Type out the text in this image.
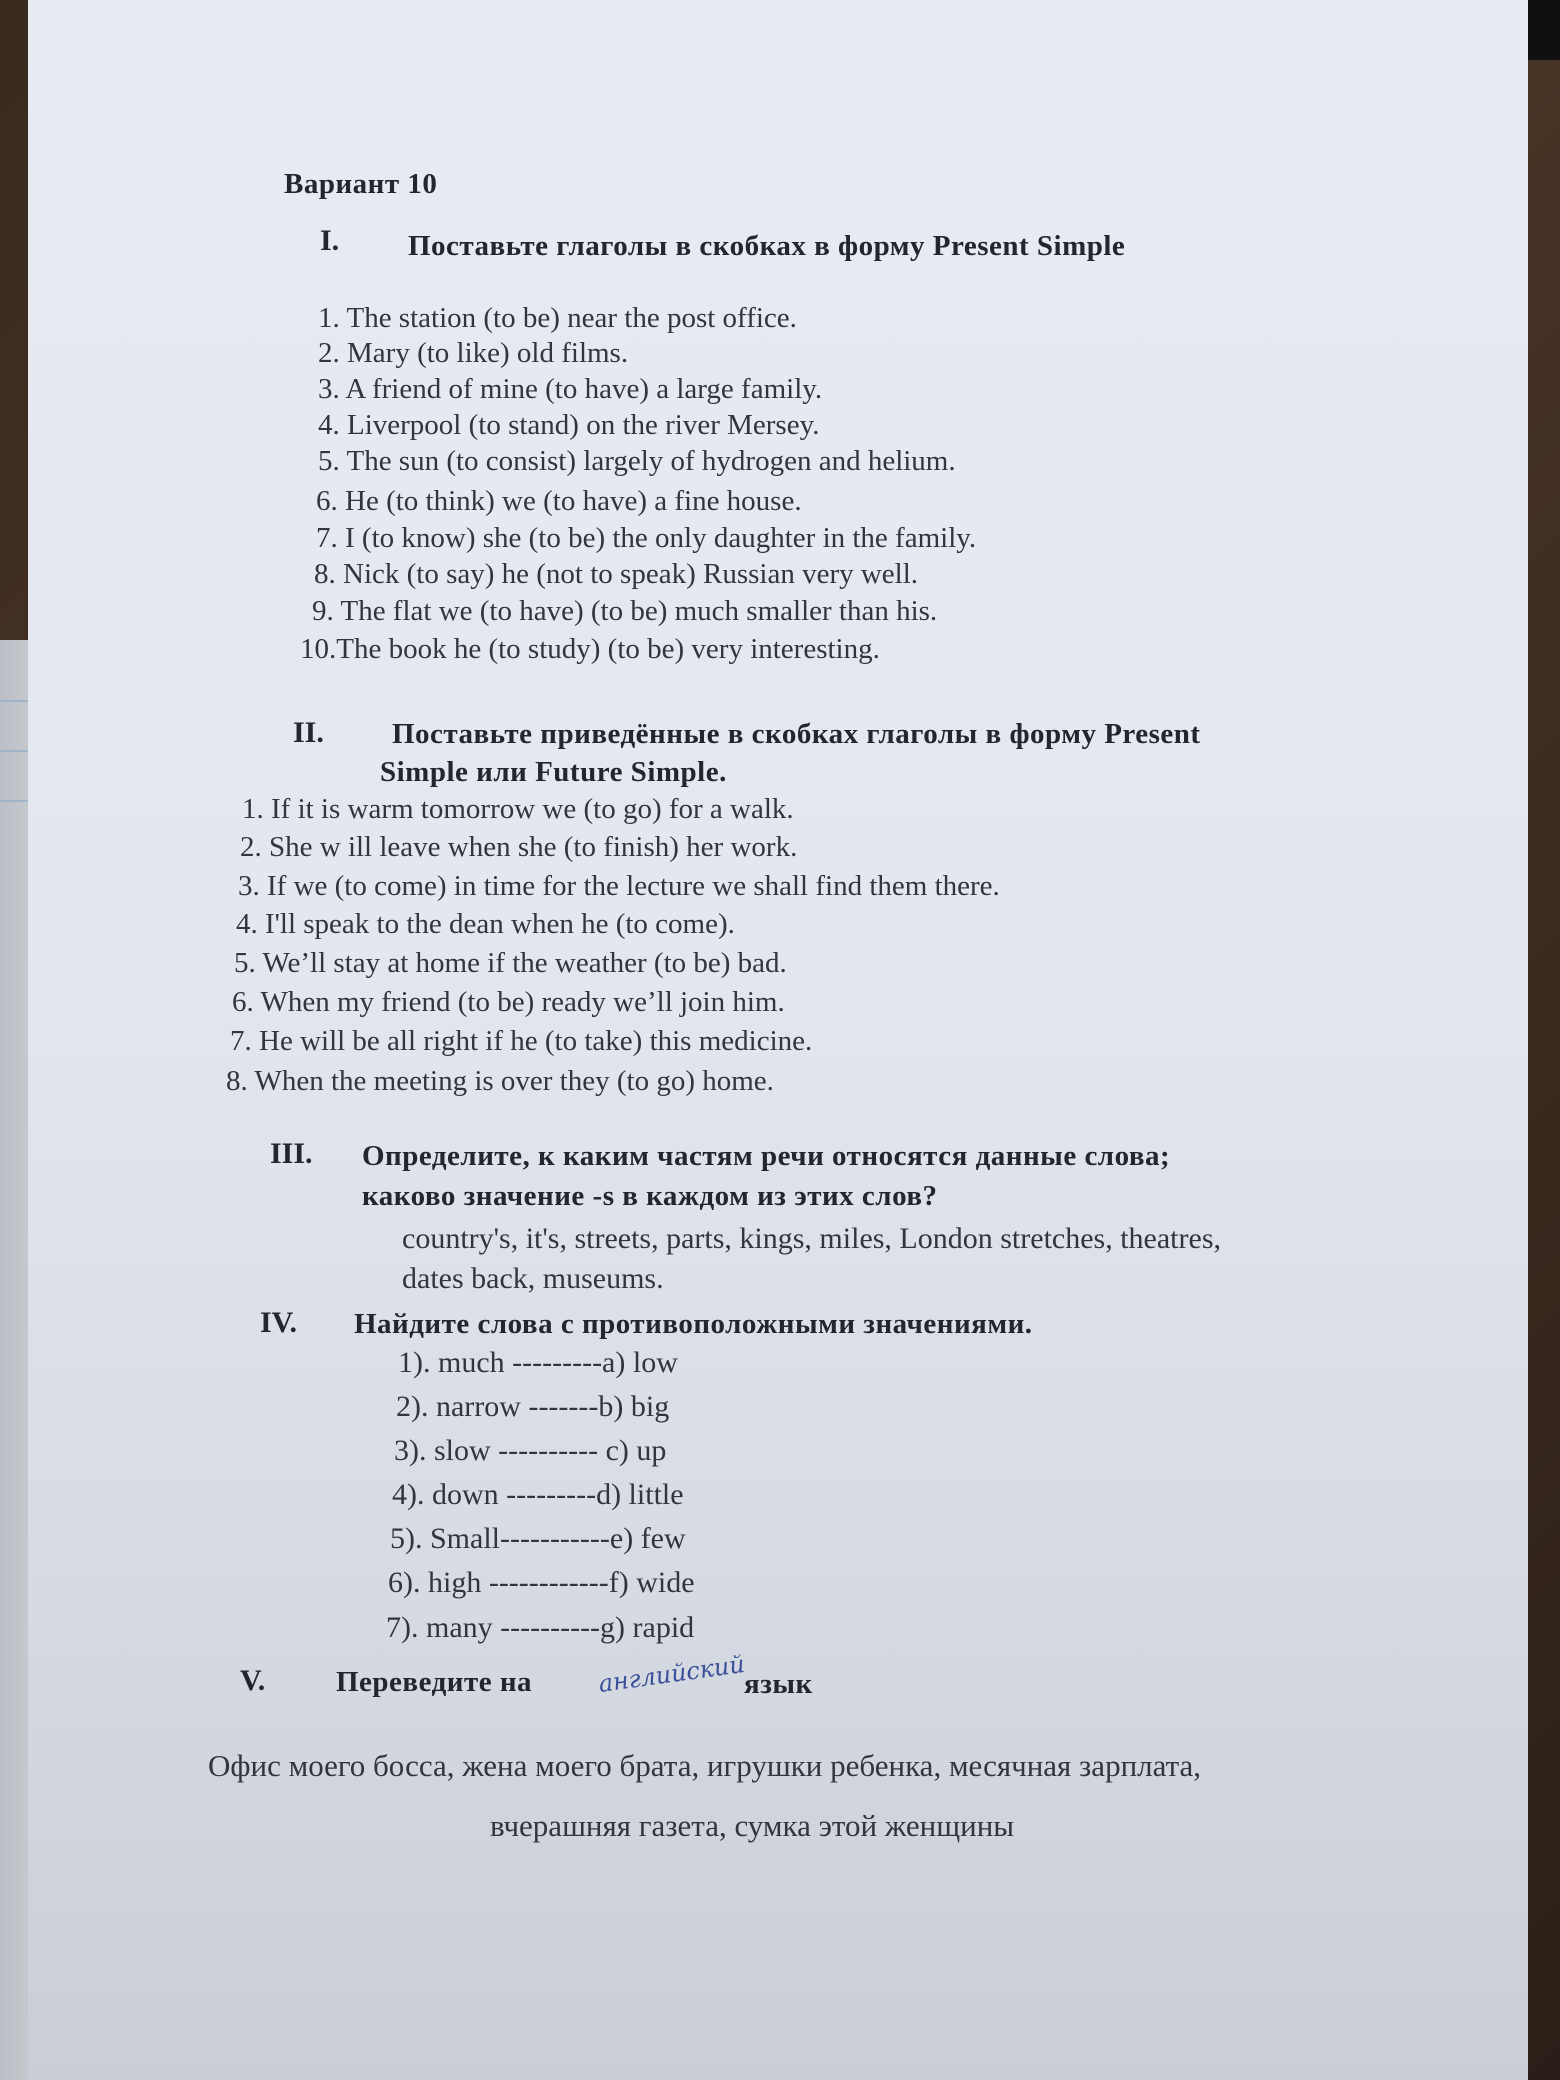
Вариант 10
I. Поставьте глаголы в скобках в форму Present Simple
1. The station (to be) near the post office.
2. Mary (to like) old films.
3. A friend of mine (to have) a large family.
4. Liverpool (to stand) on the river Mersey.
5. The sun (to consist) largely of hydrogen and helium.
6. He (to think) we (to have) a fine house.
7. I (to know) she (to be) the only daughter in the family.
8. Nick (to say) he (not to speak) Russian very well.
9. The flat we (to have) (to be) much smaller than his.
10.The book he (to study) (to be) very interesting.
II. Поставьте приведённые в скобках глаголы в форму Present
Simple или Future Simple.
1. If it is warm tomorrow we (to go) for a walk.
2. She w ill leave when she (to finish) her work.
3. If we (to come) in time for the lecture we shall find them there.
4. I'll speak to the dean when he (to come).
5. We’ll stay at home if the weather (to be) bad.
6. When my friend (to be) ready we’ll join him.
7. He will be all right if he (to take) this medicine.
8. When the meeting is over they (to go) home.
III. Определите, к каким частям речи относятся данные слова;
каково значение -s в каждом из этих слов?
country's, it's, streets, parts, kings, miles, London stretches, theatres,
dates back, museums.
IV. Найдите слова с противоположными значениями.
1). much ---------a) low
2). narrow -------b) big
3). slow ---------- c) up
4). down ---------d) little
5). Small-----------e) few
6). high ------------f) wide
7). many ----------g) rapid
V. Переведите на	английский
язык
Офис моего босса, жена моего брата, игрушки ребенка, месячная зарплата,
вчерашняя газета, сумка этой женщины
